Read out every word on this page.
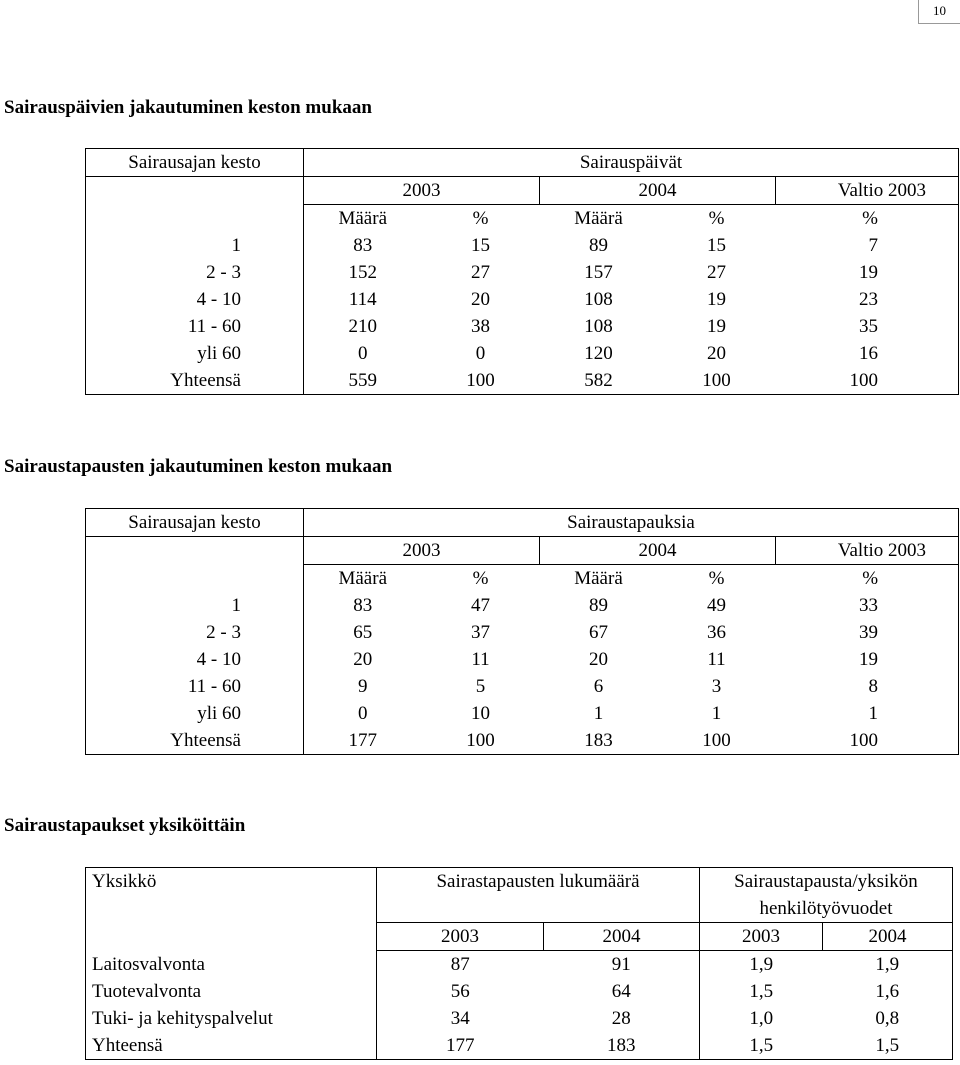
10
Sairauspäivien jakautuminen keston mukaan
Sairausajan kesto	Sairauspäivät				
	2003		2004		Valtio 2003
	Määrä	%	Määrä	%	%
1	83	15	89	15	7
2 - 3	152	27	157	27	19
4 - 10	114	20	108	19	23
11 - 60	210	38	108	19	35
yli 60	0	0	120	20	16
Yhteensä	559	100	582	100	100
Sairaustapausten jakautuminen keston mukaan
Sairausajan kesto	Sairaustapauksia				
	2003		2004		Valtio 2003
	Määrä	%	Määrä	%	%
1	83	47	89	49	33
2 - 3	65	37	67	36	39
4 - 10	20	11	20	11	19
11 - 60	9	5	6	3	8
yli 60	0	10	1	1	1
Yhteensä	177	100	183	100	100
Sairaustapaukset yksiköittäin
Yksikkö	Sairastapausten lukumäärä		Sairaustapausta/yksikön henkilötyövuodet	
	2003	2004	2003	2004
Laitosvalvonta	87	91	1,9	1,9
Tuotevalvonta	56	64	1,5	1,6
Tuki- ja kehityspalvelut	34	28	1,0	0,8
Yhteensä	177	183	1,5	1,5
